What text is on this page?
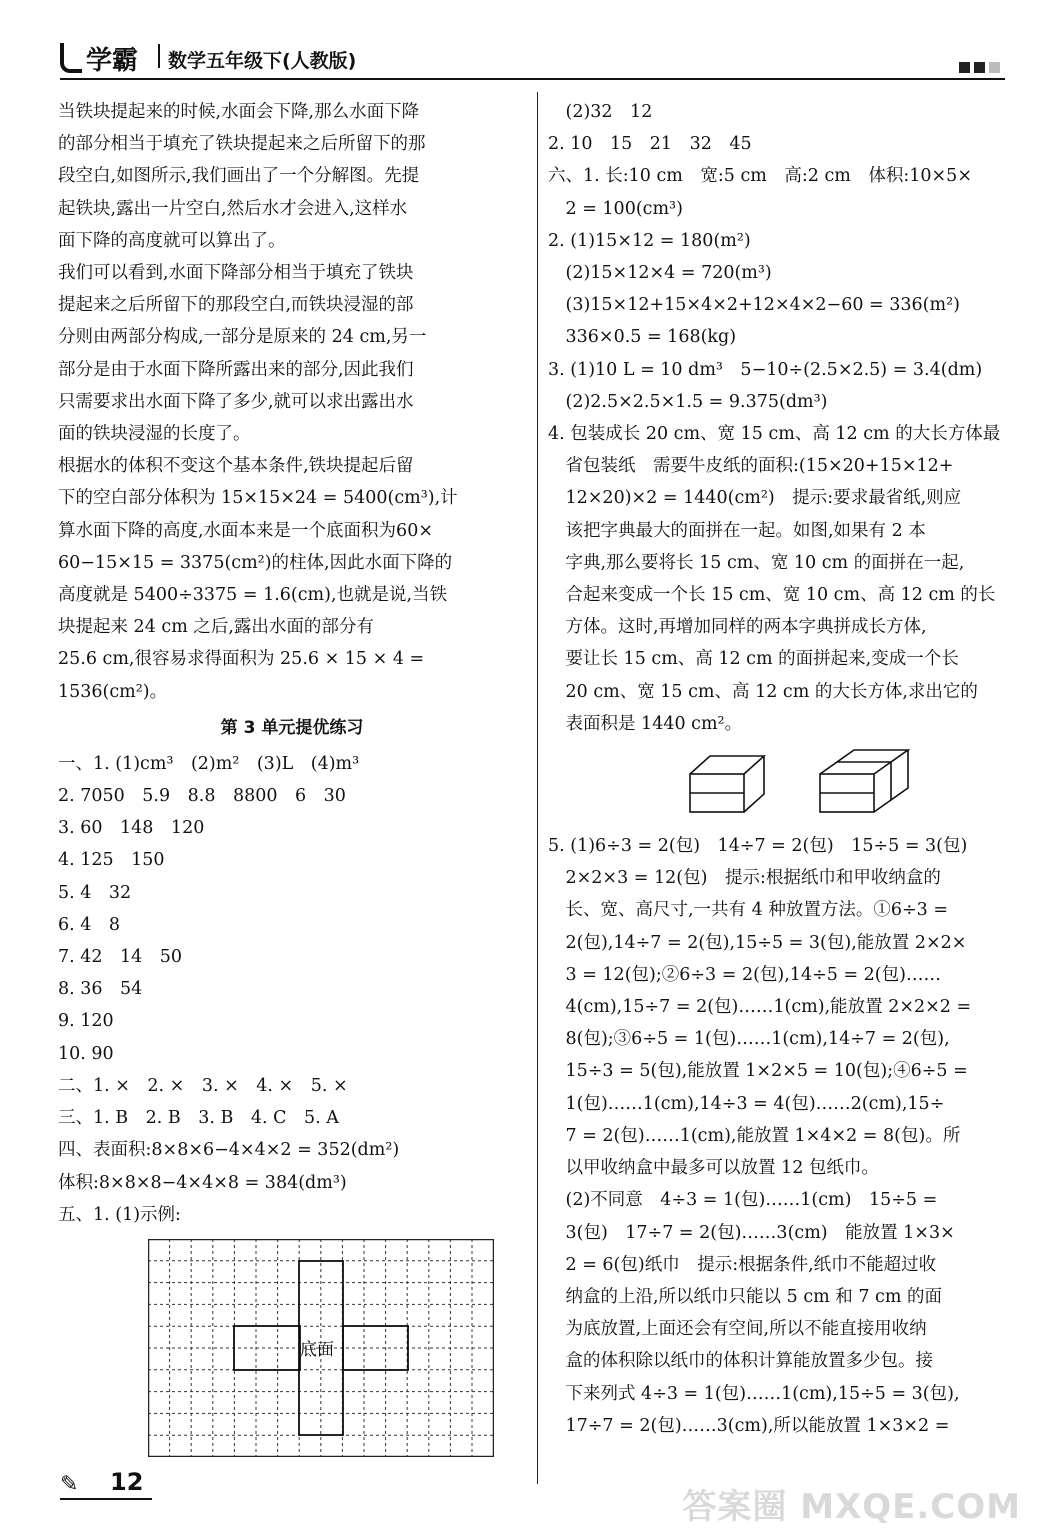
学霸 数学五年级下(人教版)

当铁块提起来的时候,水面会下降,那么水面下降

的部分相当于填充了铁块提起来之后所留下的那

段空白,如图所示,我们画出了一个分解图。先提

起铁块,露出一片空白,然后水才会进入,这样水

面下降的高度就可以算出了。

我们可以看到,水面下降部分相当于填充了铁块

提起来之后所留下的那段空白,而铁块浸湿的部

分则由两部分构成,一部分是原来的 24 cm,另一

部分是由于水面下降所露出来的部分,因此我们

只需要求出水面下降了多少,就可以求出露出水

面的铁块浸湿的长度了。

根据水的体积不变这个基本条件,铁块提起后留

下的空白部分体积为 15×15×24 = 5400(cm³),计

算水面下降的高度,水面本来是一个底面积为60×

60−15×15 = 3375(cm²)的柱体,因此水面下降的

高度就是 5400÷3375 = 1.6(cm),也就是说,当铁

块提起来 24 cm 之后,露出水面的部分有

25.6 cm,很容易求得面积为 25.6 × 15 × 4 =

1536(cm²)。

第 3 单元提优练习

一、1. (1)cm³　(2)m²　(3)L　(4)m³

2. 7050　5.9　8.8　8800　6　30

3. 60　148　120

4. 125　150

5. 4　32

6. 4　8

7. 42　14　50

8. 36　54

9. 120

10. 90

二、1. ×　2. ×　3. ×　4. ×　5. ×

三、1. B　2. B　3. B　4. C　5. A

四、表面积:8×8×6−4×4×2 = 352(dm²)

体积:8×8×8−4×4×8 = 384(dm³)

五、1. (1)示例:

底面

　(2)32　12

2. 10　15　21　32　45

六、1. 长:10 cm　宽:5 cm　高:2 cm　体积:10×5×

　2 = 100(cm³)

2. (1)15×12 = 180(m²)

　(2)15×12×4 = 720(m³)

　(3)15×12+15×4×2+12×4×2−60 = 336(m²)

　336×0.5 = 168(kg)

3. (1)10 L = 10 dm³　5−10÷(2.5×2.5) = 3.4(dm)

　(2)2.5×2.5×1.5 = 9.375(dm³)

4. 包装成长 20 cm、宽 15 cm、高 12 cm 的大长方体最

　省包装纸　需要牛皮纸的面积:(15×20+15×12+

　12×20)×2 = 1440(cm²)　提示:要求最省纸,则应

　该把字典最大的面拼在一起。如图,如果有 2 本

　字典,那么要将长 15 cm、宽 10 cm 的面拼在一起,

　合起来变成一个长 15 cm、宽 10 cm、高 12 cm 的长

　方体。这时,再增加同样的两本字典拼成长方体,

　要让长 15 cm、高 12 cm 的面拼起来,变成一个长

　20 cm、宽 15 cm、高 12 cm 的大长方体,求出它的

　表面积是 1440 cm²。

5. (1)6÷3 = 2(包)　14÷7 = 2(包)　15÷5 = 3(包)

　2×2×3 = 12(包)　提示:根据纸巾和甲收纳盒的

　长、宽、高尺寸,一共有 4 种放置方法。①6÷3 =

　2(包),14÷7 = 2(包),15÷5 = 3(包),能放置 2×2×

　3 = 12(包);②6÷3 = 2(包),14÷5 = 2(包)……

　4(cm),15÷7 = 2(包)……1(cm),能放置 2×2×2 =

　8(包);③6÷5 = 1(包)……1(cm),14÷7 = 2(包),

　15÷3 = 5(包),能放置 1×2×5 = 10(包);④6÷5 =

　1(包)……1(cm),14÷3 = 4(包)……2(cm),15÷

　7 = 2(包)……1(cm),能放置 1×4×2 = 8(包)。所

　以甲收纳盒中最多可以放置 12 包纸巾。

　(2)不同意　4÷3 = 1(包)……1(cm)　15÷5 =

　3(包)　17÷7 = 2(包)……3(cm)　能放置 1×3×

　2 = 6(包)纸巾　提示:根据条件,纸巾不能超过收

　纳盒的上沿,所以纸巾只能以 5 cm 和 7 cm 的面

　为底放置,上面还会有空间,所以不能直接用收纳

　盒的体积除以纸巾的体积计算能放置多少包。接

　下来列式 4÷3 = 1(包)……1(cm),15÷5 = 3(包),

　17÷7 = 2(包)……3(cm),所以能放置 1×3×2 =

✎ 12
答案圈 MXQE.COM
